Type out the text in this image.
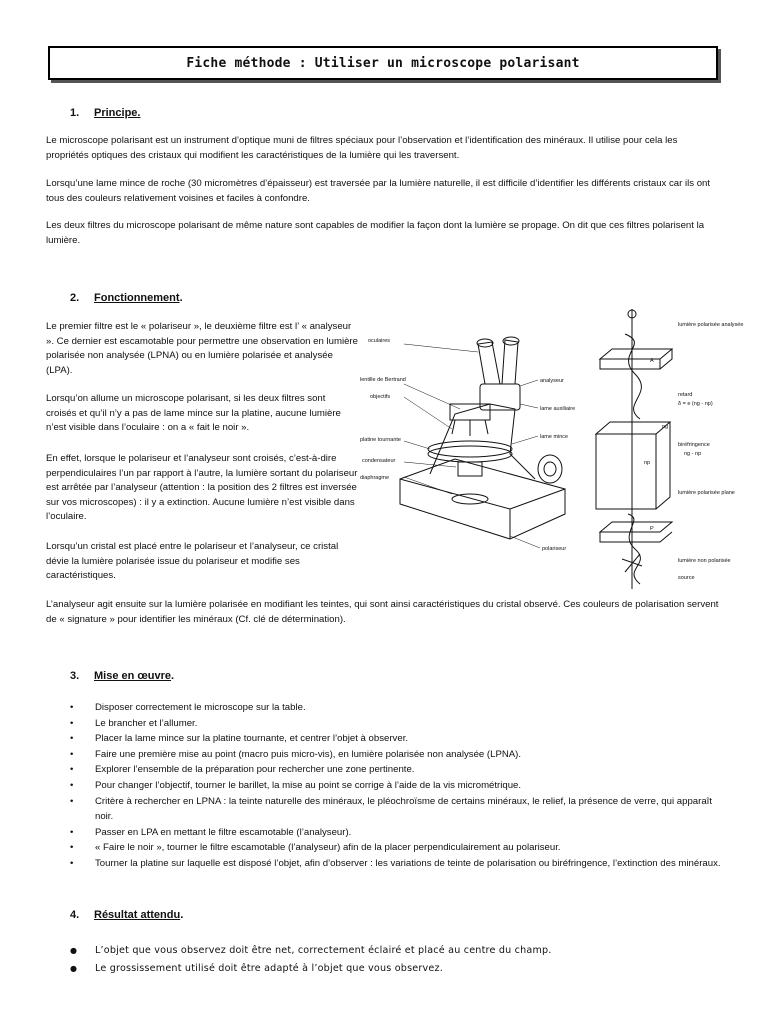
Fiche méthode : Utiliser un microscope polarisant
1. Principe.

Le microscope polarisant est un instrument d’optique muni de filtres spéciaux pour l’observation et l’identification des minéraux. Il utilise pour cela les propriétés optiques des cristaux qui modifient les caractéristiques de la lumière qui les traversent.

Lorsqu’une lame mince de roche (30 micromètres d’épaisseur) est traversée par la lumière naturelle, il est difficile d’identifier les différents cristaux car ils ont tous des couleurs relativement voisines et faciles à confondre.

Les deux filtres du microscope polarisant de même nature sont capables de modifier la façon dont la lumière se propage. On dit que ces filtres polarisent la lumière.

2. Fonctionnement.

Le premier filtre est le « polariseur », le deuxième filtre est l’ « analyseur ». Ce dernier est escamotable pour permettre une observation en lumière polarisée non analysée (LPNA) ou en lumière polarisée et analysée (LPA).

Lorsqu’on allume un microscope polarisant, si les deux filtres sont croisés et qu’il n’y a pas de lame mince sur la platine, aucune lumière n’est visible dans l’oculaire : on a « fait le noir ».

En effet, lorsque le polariseur et l’analyseur sont croisés, c’est-à-dire perpendiculaires l’un par rapport à l’autre, la lumière sortant du polariseur est arrêtée par l’analyseur (attention : la position des 2 filtres est inversée sur vos microscopes) : il y a extinction. Aucune lumière n’est visible dans l’oculaire.

Lorsqu’un cristal est placé entre le polariseur et l’analyseur, ce cristal dévie la lumière polarisée issue du polariseur et modifie ses caractéristiques.

L’analyseur agit ensuite sur la lumière polarisée en modifiant les teintes, qui sont ainsi caractéristiques du cristal observé. Ces couleurs de polarisation servent de « signature » pour identifier les minéraux (Cf. clé de détermination).

oculaires
lentille de Bertrand	analyseur
lame auxiliaire
objectifs
lame mince
platine tournante
condensateur
diaphragme
polariseur
lumière polarisée analysée
A
retard
δ = e (ng - np)
ng
np
biréfringence
ng - np
lumière polarisée plane
P
lumière non polarisée
source
3. Mise en œuvre.
• Disposer correctement le microscope sur la table.
• Le brancher et l’allumer.
• Placer la lame mince sur la platine tournante, et centrer l’objet à observer.
• Faire une première mise au point (macro puis micro-vis), en lumière polarisée non analysée (LPNA).
• Explorer l’ensemble de la préparation pour rechercher une zone pertinente.
• Pour changer l’objectif, tourner le barillet, la mise au point se corrige à l’aide de la vis micrométrique.
• Critère à rechercher en LPNA : la teinte naturelle des minéraux, le pléochroïsme de certains minéraux, le relief, la présence de verre, qui apparaît noir.
• Passer en LPA en mettant le filtre escamotable (l’analyseur).
• « Faire le noir », tourner le filtre escamotable (l’analyseur) afin de la placer perpendiculairement au polariseur.
• Tourner la platine sur laquelle est disposé l’objet, afin d’observer : les variations de teinte de polarisation ou biréfringence, l’extinction des minéraux.
4. Résultat attendu.
● L’objet que vous observez doit être net, correctement éclairé et placé au centre du champ.
● Le grossissement utilisé doit être adapté à l’objet que vous observez.
